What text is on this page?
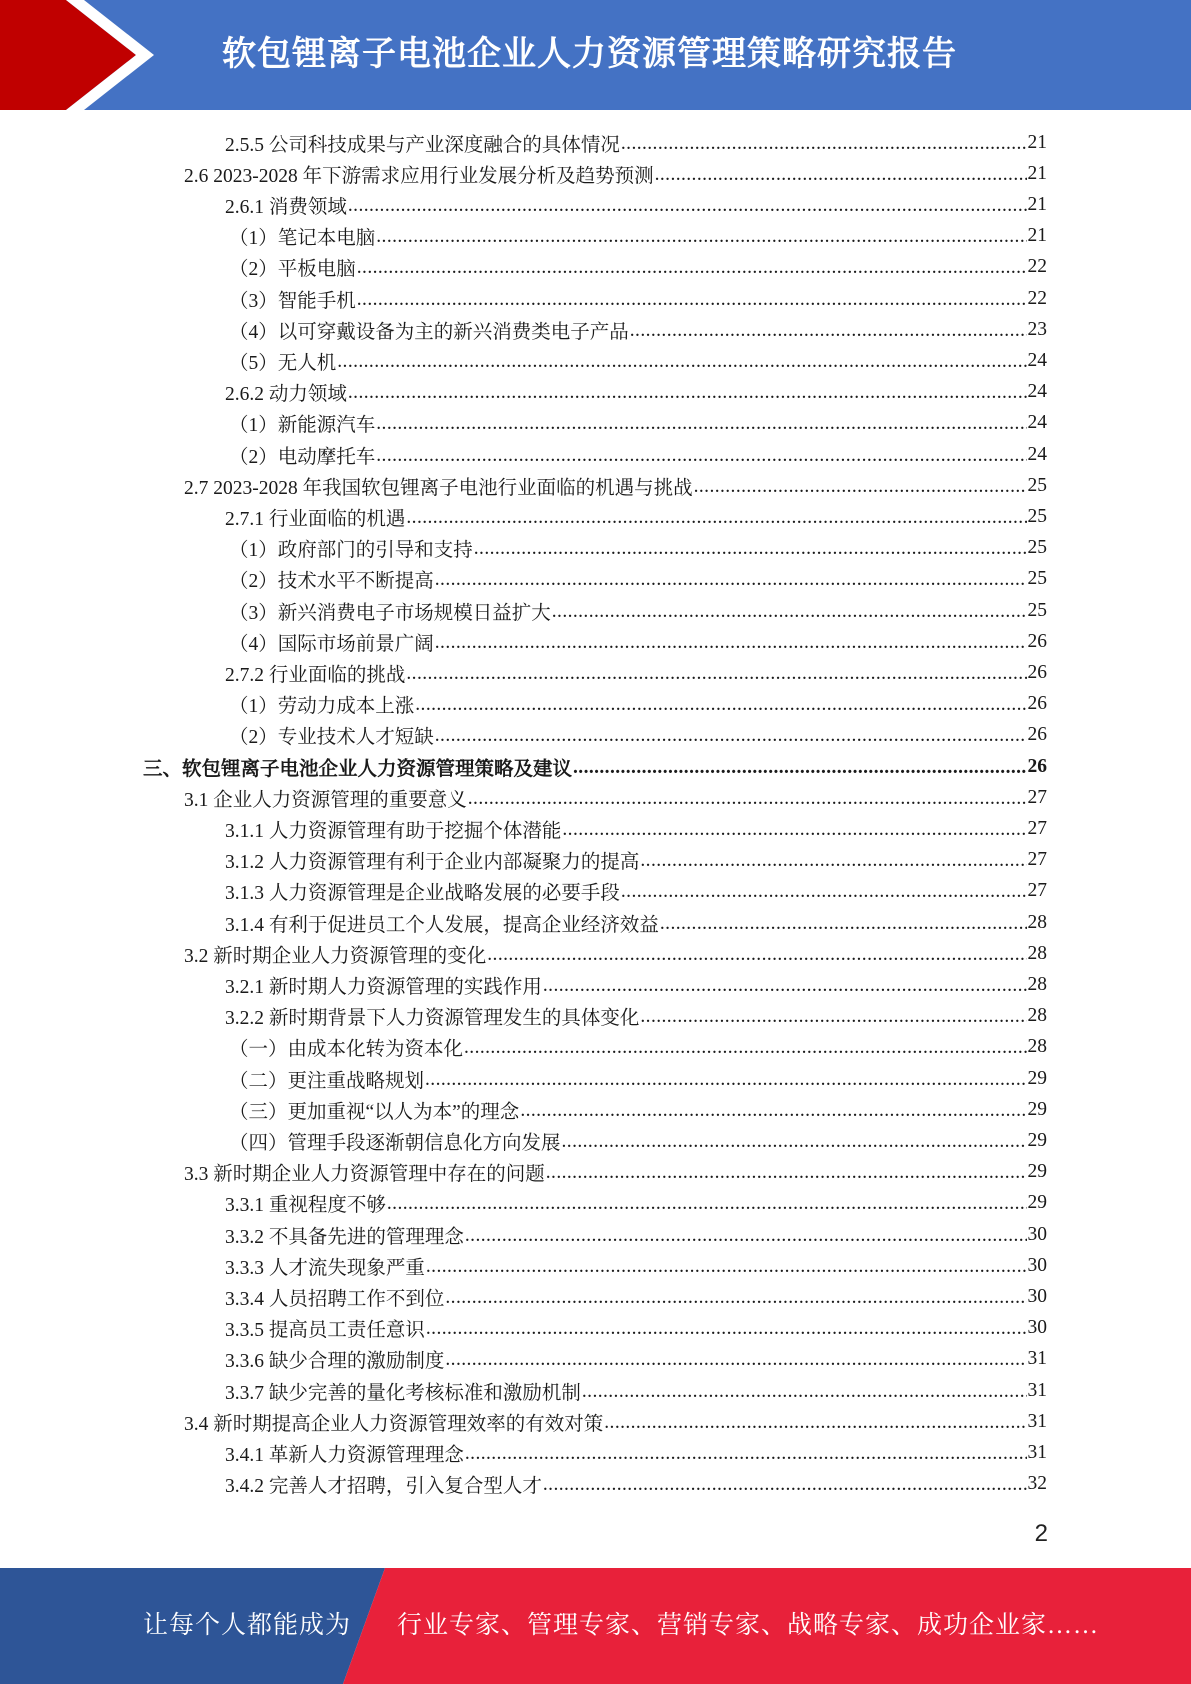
软包锂离子电池企业人力资源管理策略研究报告
2.5.5 公司科技成果与产业深度融合的具体情况 .....	21
2.6 2023-2028 年下游需求应用行业发展分析及趋势预测 .....	21
2.6.1 消费领域 .....	21
（1）笔记本电脑 .....	21
（2）平板电脑 .....	22
（3）智能手机 .....	22
（4）以可穿戴设备为主的新兴消费类电子产品 .....	23
（5）无人机 .....	24
2.6.2 动力领域 .....	24
（1）新能源汽车 .....	24
（2）电动摩托车 .....	24
2.7 2023-2028 年我国软包锂离子电池行业面临的机遇与挑战 .....	25
2.7.1 行业面临的机遇 .....	25
（1）政府部门的引导和支持 .....	25
（2）技术水平不断提高 .....	25
（3）新兴消费电子市场规模日益扩大 .....	25
（4）国际市场前景广阔 .....	26
2.7.2 行业面临的挑战 .....	26
（1）劳动力成本上涨 .....	26
（2）专业技术人才短缺 .....	26
三、软包锂离子电池企业人力资源管理策略及建议 .....	26
3.1 企业人力资源管理的重要意义 .....	27
3.1.1 人力资源管理有助于挖掘个体潜能 .....	27
3.1.2 人力资源管理有利于企业内部凝聚力的提高 .....	27
3.1.3 人力资源管理是企业战略发展的必要手段 .....	27
3.1.4 有利于促进员工个人发展，提高企业经济效益 .....	28
3.2 新时期企业人力资源管理的变化 .....	28
3.2.1 新时期人力资源管理的实践作用 .....	28
3.2.2 新时期背景下人力资源管理发生的具体变化 .....	28
（一）由成本化转为资本化 .....	28
（二）更注重战略规划 .....	29
（三）更加重视“以人为本”的理念 .....	29
（四）管理手段逐渐朝信息化方向发展 .....	29
3.3 新时期企业人力资源管理中存在的问题 .....	29
3.3.1 重视程度不够 .....	29
3.3.2 不具备先进的管理理念 .....	30
3.3.3 人才流失现象严重 .....	30
3.3.4 人员招聘工作不到位 .....	30
3.3.5 提高员工责任意识 .....	30
3.3.6 缺少合理的激励制度 .....	31
3.3.7 缺少完善的量化考核标准和激励机制 .....	31
3.4 新时期提高企业人力资源管理效率的有效对策 .....	31
3.4.1 革新人力资源管理理念 .....	31
3.4.2 完善人才招聘，引入复合型人才 .....	32
2
让每个人都能成为 行业专家、管理专家、营销专家、战略专家、成功企业家……
